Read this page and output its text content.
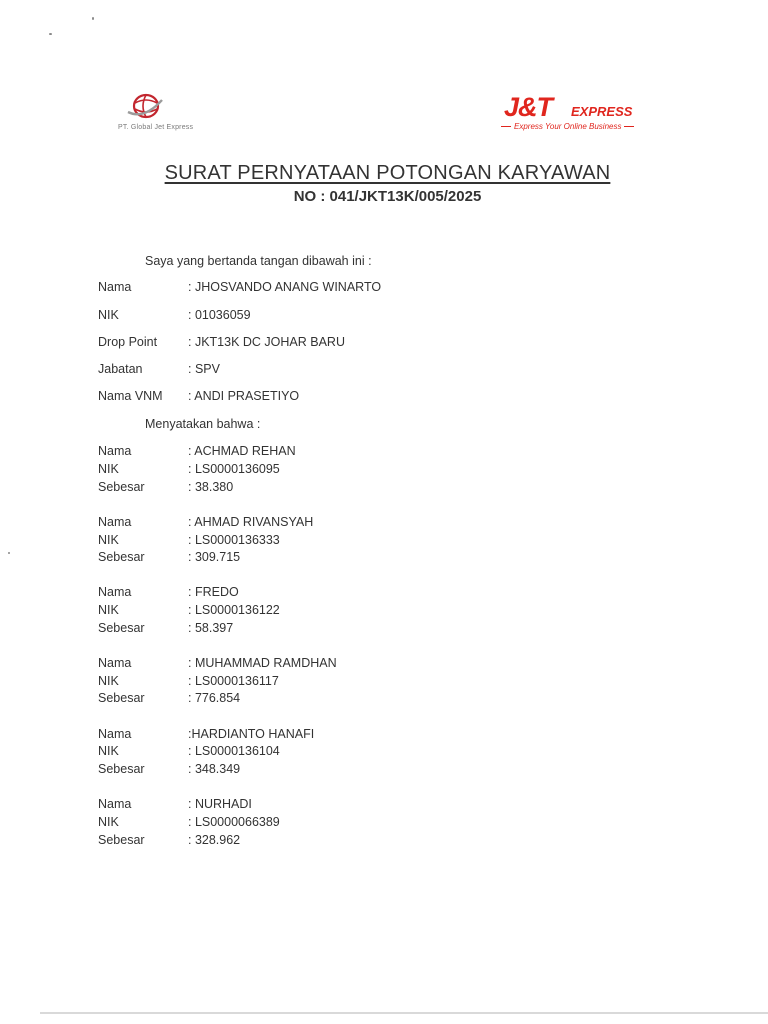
PT. Global Jet Express
J&T EXPRESS
Express Your Online Business
SURAT PERNYATAAN POTONGAN KARYAWAN
NO : 041/JKT13K/005/2025
Saya yang bertanda tangan dibawah ini :
Nama	: JHOSVANDO ANANG WINARTO
NIK	: 01036059
Drop Point : JKT13K DC JOHAR BARU
Jabatan	: SPV
Nama VNM : ANDI PRASETIYO
Menyatakan bahwa :
Nama	: ACHMAD REHAN
NIK	: LS0000136095
Sebesar	: 38.380
Nama	: AHMAD RIVANSYAH
NIK	: LS0000136333
Sebesar	: 309.715
Nama	: FREDO
NIK	: LS0000136122
Sebesar	: 58.397
Nama	: MUHAMMAD RAMDHAN
NIK	: LS0000136117
Sebesar	: 776.854
Nama	:HARDIANTO HANAFI
NIK	: LS0000136104
Sebesar	: 348.349
Nama	: NURHADI
NIK	: LS0000066389
Sebesar	: 328.962
